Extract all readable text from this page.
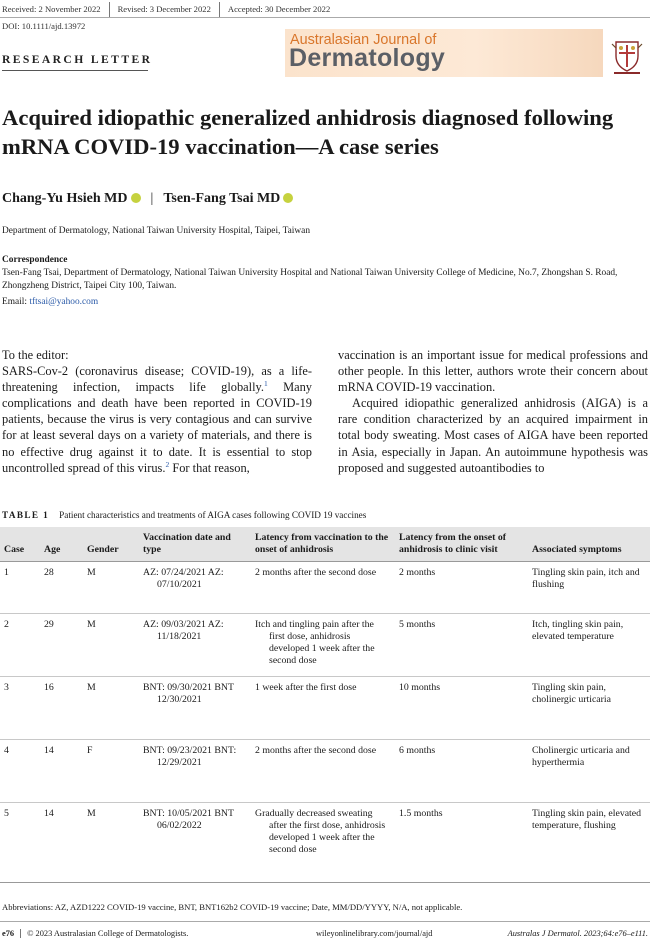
Received: 2 November 2022	Revised: 3 December 2022	Accepted: 30 December 2022
DOI: 10.1111/ajd.13972
RESEARCH LETTER
Australasian Journal of
Dermatology
Acquired idiopathic generalized anhidrosis diagnosed following mRNA COVID-19 vaccination—A case series
Chang-Yu Hsieh MD | Tsen-Fang Tsai MD
Department of Dermatology, National Taiwan University Hospital, Taipei, Taiwan
Correspondence
Tsen-Fang Tsai, Department of Dermatology, National Taiwan University Hospital and National Taiwan University College of Medicine, No.7, Zhongshan S. Road, Zhongzheng District, Taipei City 100, Taiwan.
Email: tftsai@yahoo.com

To the editor:

SARS-Cov-2 (coronavirus disease; COVID-19), as a life-threatening infection, impacts life globally.$^1$ Many complications and death have been reported in COVID-19 patients, because the virus is very contagious and can survive for at least several days on a variety of materials, and there is no effective drug against it to date. It is essential to stop uncontrolled spread of this virus.$^2$ For that reason,

vaccination is an important issue for medical professions and other people. In this letter, authors wrote their concern about mRNA COVID-19 vaccination.

Acquired idiopathic generalized anhidrosis (AIGA) is a rare condition characterized by an acquired impairment in total body sweating. Most cases of AIGA have been reported in Asia, especially in Japan. An autoimmune hypothesis was proposed and suggested autoantibodies to

TABLE 1 Patient characteristics and treatments of AIGA cases following COVID 19 vaccines
Case	Age	Gender	Vaccination date and type	Latency from vaccination to the onset of anhidrosis	Latency from the onset of anhidrosis to clinic visit	Associated symptoms
1	28	M	AZ: 07/24/2021 AZ: 07/10/2021	2 months after the second dose	2 months	Tingling skin pain, itch and flushing
2	29	M	AZ: 09/03/2021 AZ: 11/18/2021	Itch and tingling pain after the first dose, anhidrosis developed 1 week after the second dose	5 months	Itch, tingling skin pain, elevated temperature
3	16	M	BNT: 09/30/2021 BNT 12/30/2021	1 week after the first dose	10 months	Tingling skin pain, cholinergic urticaria
4	14	F	BNT: 09/23/2021 BNT: 12/29/2021	2 months after the second dose	6 months	Cholinergic urticaria and hyperthermia
5	14	M	BNT: 10/05/2021 BNT 06/02/2022	Gradually decreased sweating after the first dose, anhidrosis developed 1 week after the second dose	1.5 months	Tingling skin pain, elevated temperature, flushing
Abbreviations: AZ, AZD1222 COVID-19 vaccine, BNT, BNT162b2 COVID-19 vaccine; Date, MM/DD/YYYY, N/A, not applicable.
e76	© 2023 Australasian College of Dermatologists.	wileyonlinelibrary.com/journal/ajd	Australas J Dermatol. 2023;64:e76–e111.
